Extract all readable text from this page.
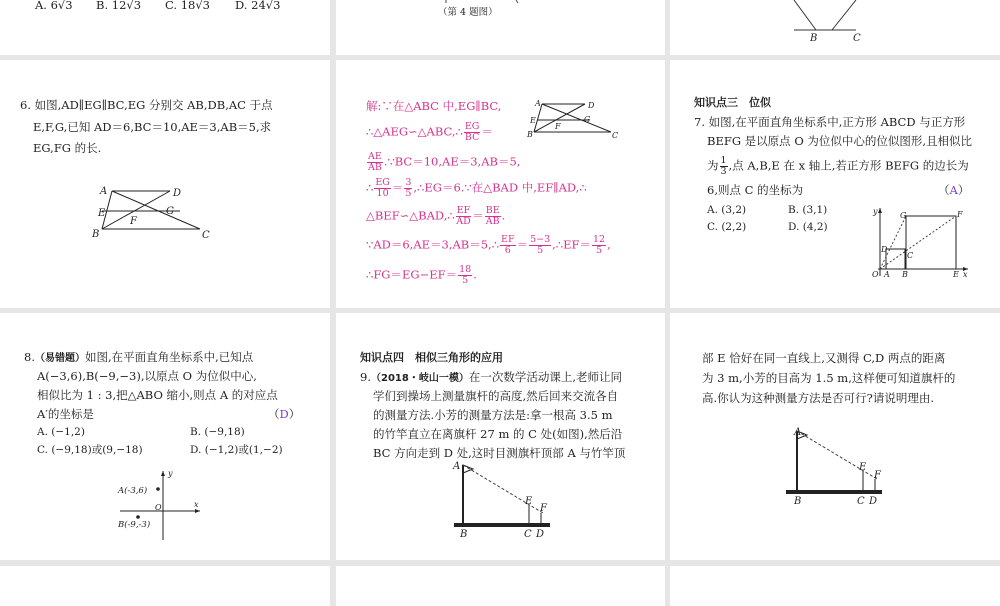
A. 6√3 B. 12√3 C. 18√3 D. 24√3
（第 4 题图）
B	C
6. 如图,AD∥EG∥BC,EG 分别交 AB,DB,AC 于点
E,F,G,已知 AD＝6,BC＝10,AE＝3,AB＝5,求
EG,FG 的长.
A	D
E
F
G
B	C
解:∵在△ABC 中,EG∥BC,
∴△AEG∽△ABC,∴ $\frac{EG}{BC}$ ＝
$\frac{AE}{AB}$ .∵BC＝10,AE＝3,AB＝5,
∴ $\frac{EG}{10} = \frac{3}{5}$ ,∴EG＝6.∵在△BAD 中,EF∥AD,∴
△BEF∽△BAD,∴ $\frac{EF}{AD} = \frac{BE}{AB}$ .
∵AD＝6,AE＝3,AB＝5,∴ $\frac{EF}{6} = \frac{5-3}{5}$ ,∴EF＝ $\frac{12}{5}$ ,
∴FG＝EG−EF＝ $\frac{18}{5}$ .
A	D
E
F
G
B	C
知识点三　位似
7. 如图,在平面直角坐标系中,正方形 ABCD 与正方形
BEFG 是以原点 O 为位似中心的位似图形,且相似比
为 $\frac{1}{3}$ ,点 A,B,E 在 x 轴上,若正方形 BEFG 的边长为
6,则点 C 的坐标为	（A）
A. (3,2)	B. (3,1)
C. (2,2)	D. (4,2)
y	G	F
D
C
O A B	E x
8.（易错题）如图,在平面直角坐标系中,已知点
A(−3,6),B(−9,−3),以原点 O 为位似中心,
相似比为 1 : 3,把△ABO 缩小,则点 A 的对应点
A′的坐标是	（D）
A. (−1,2)	B. (−9,18)
C. (−9,18)或(9,−18)	D. (−1,2)或(1,−2)
y
A(-3,6)
O	x
B(-9,-3)
知识点四　相似三角形的应用
9.（2018・岐山一模）在一次数学活动课上,老师让同
学们到操场上测量旗杆的高度,然后回来交流各自
的测量方法.小芳的测量方法是:拿一根高 3.5 m
的竹竿直立在离旗杆 27 m 的 C 处(如图),然后沿
BC 方向走到 D 处,这时目测旗杆顶部 A 与竹竿顶
A
E
F
B	C D
部 E 恰好在同一直线上,又测得 C,D 两点的距离
为 3 m,小芳的目高为 1.5 m,这样便可知道旗杆的
高.你认为这种测量方法是否可行?请说明理由.
A
E
F
B	C D
